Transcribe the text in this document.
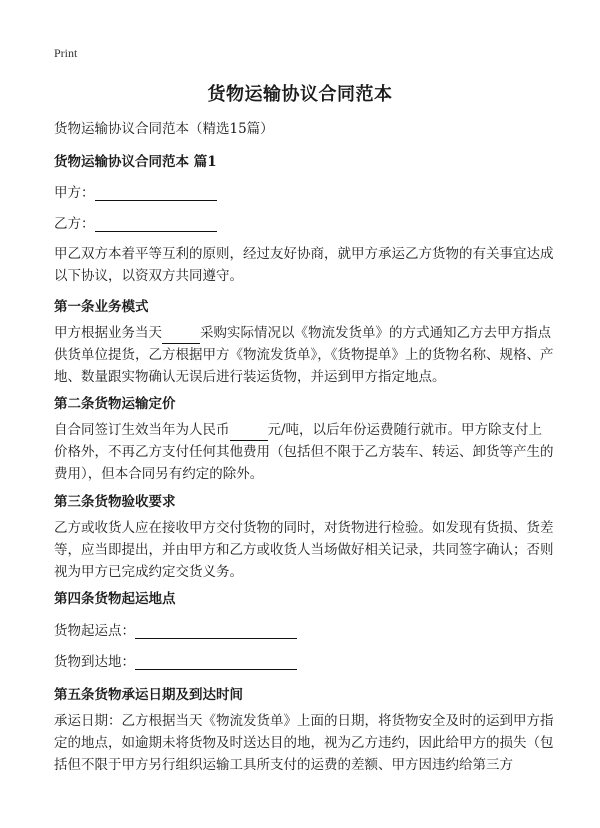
Print
货物运输协议合同范本
货物运输协议合同范本（精选15篇）
货物运输协议合同范本 篇1
甲方：
乙方：
甲乙双方本着平等互利的原则，经过友好协商，就甲方承运乙方货物的有关事宜达成以下协议，以资双方共同遵守。
第一条业务模式
甲方根据业务当天	采购实际情况以《物流发货单》的方式通知乙方去甲方指点供货单位提货，乙方根据甲方《物流发货单》，《货物提单》上的货物名称、规格、产地、数量跟实物确认无误后进行装运货物，并运到甲方指定地点。
第二条货物运输定价
自合同签订生效当年为人民币	元/吨，以后年份运费随行就市。甲方除支付上价格外，不再乙方支付任何其他费用（包括但不限于乙方装车、转运、卸货等产生的费用），但本合同另有约定的除外。
第三条货物验收要求
乙方或收货人应在接收甲方交付货物的同时，对货物进行检验。如发现有货损、货差等，应当即提出，并由甲方和乙方或收货人当场做好相关记录，共同签字确认；否则视为甲方已完成约定交货义务。
第四条货物起运地点
货物起运点：
货物到达地：
第五条货物承运日期及到达时间
承运日期：乙方根据当天《物流发货单》上面的日期，将货物安全及时的运到甲方指定的地点，如逾期未将货物及时送达目的地，视为乙方违约，因此给甲方的损失（包括但不限于甲方另行组织运输工具所支付的运费的差额、甲方因违约给第三方
